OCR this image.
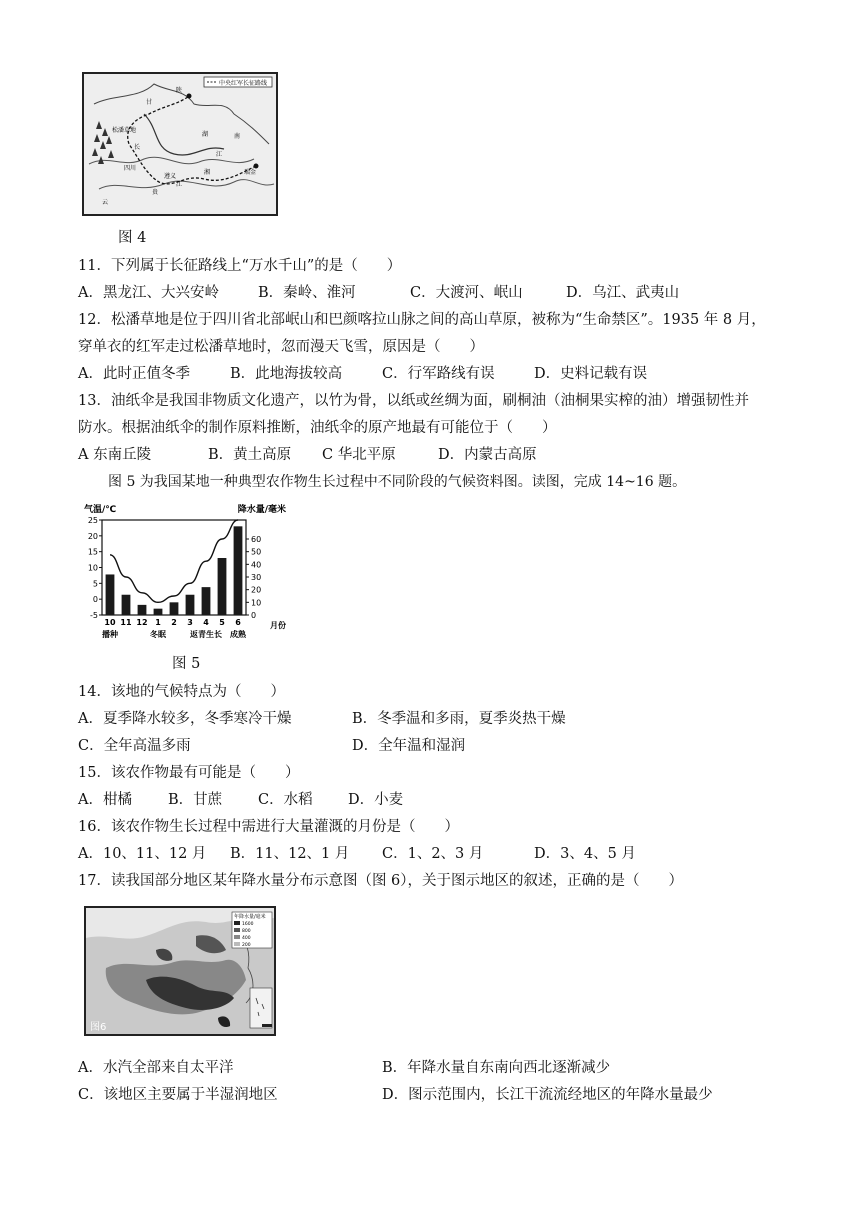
中央红军长征路线
松潘草地
长
江
湘
江
遵义
瑞金
贵
云
陕
甘
四川
湖	南
图 4
11．下列属于长征路线上“万水千山”的是（　　）
A．黑龙江、大兴安岭	B．秦岭、淮河	C．大渡河、岷山	D．乌江、武夷山
12．松潘草地是位于四川省北部岷山和巴颜喀拉山脉之间的高山草原，被称为“生命禁区”。1935 年 8 月，
穿单衣的红军走过松潘草地时，忽而漫天飞雪，原因是（　　）
A．此时正值冬季	B．此地海拔较高	C．行军路线有误	D．史料记载有误
13．油纸伞是我国非物质文化遗产，以竹为骨，以纸或丝绸为面，刷桐油（油桐果实榨的油）增强韧性并
防水。根据油纸伞的制作原料推断，油纸伞的原产地最有可能位于（　　）
A 东南丘陵	B．黄土高原 C 华北平原	D．内蒙古高原
图 5 为我国某地一种典型农作物生长过程中不同阶段的气候资料图。读图，完成 14~16 题。
气温/℃	降水量/毫米
月份
25
20
15
10
5
0
-5
60
50
40
30
20
10
0
10 11 12 1 2 3 4 5 6
播种	冬眠	返青生长 成熟
图 5
14．该地的气候特点为（　　）
A．夏季降水较多，冬季寒冷干燥	B．冬季温和多雨，夏季炎热干燥
C．全年高温多雨	D．全年温和湿润
15．该农作物最有可能是（　　）
A．柑橘 B．甘蔗 C．水稻 D．小麦
16．该农作物生长过程中需进行大量灌溉的月份是（　　）
A．10、11、12 月 B．11、12、1 月 C．1、2、3 月	D．3、4、5 月
17．读我国部分地区某年降水量分布示意图（图 6），关于图示地区的叙述，正确的是（　　）
年降水量/毫米
1600
800
400
200
图6
A．水汽全部来自太平洋	B．年降水量自东南向西北逐渐减少
C．该地区主要属于半湿润地区	D．图示范围内，长江干流流经地区的年降水量最少
